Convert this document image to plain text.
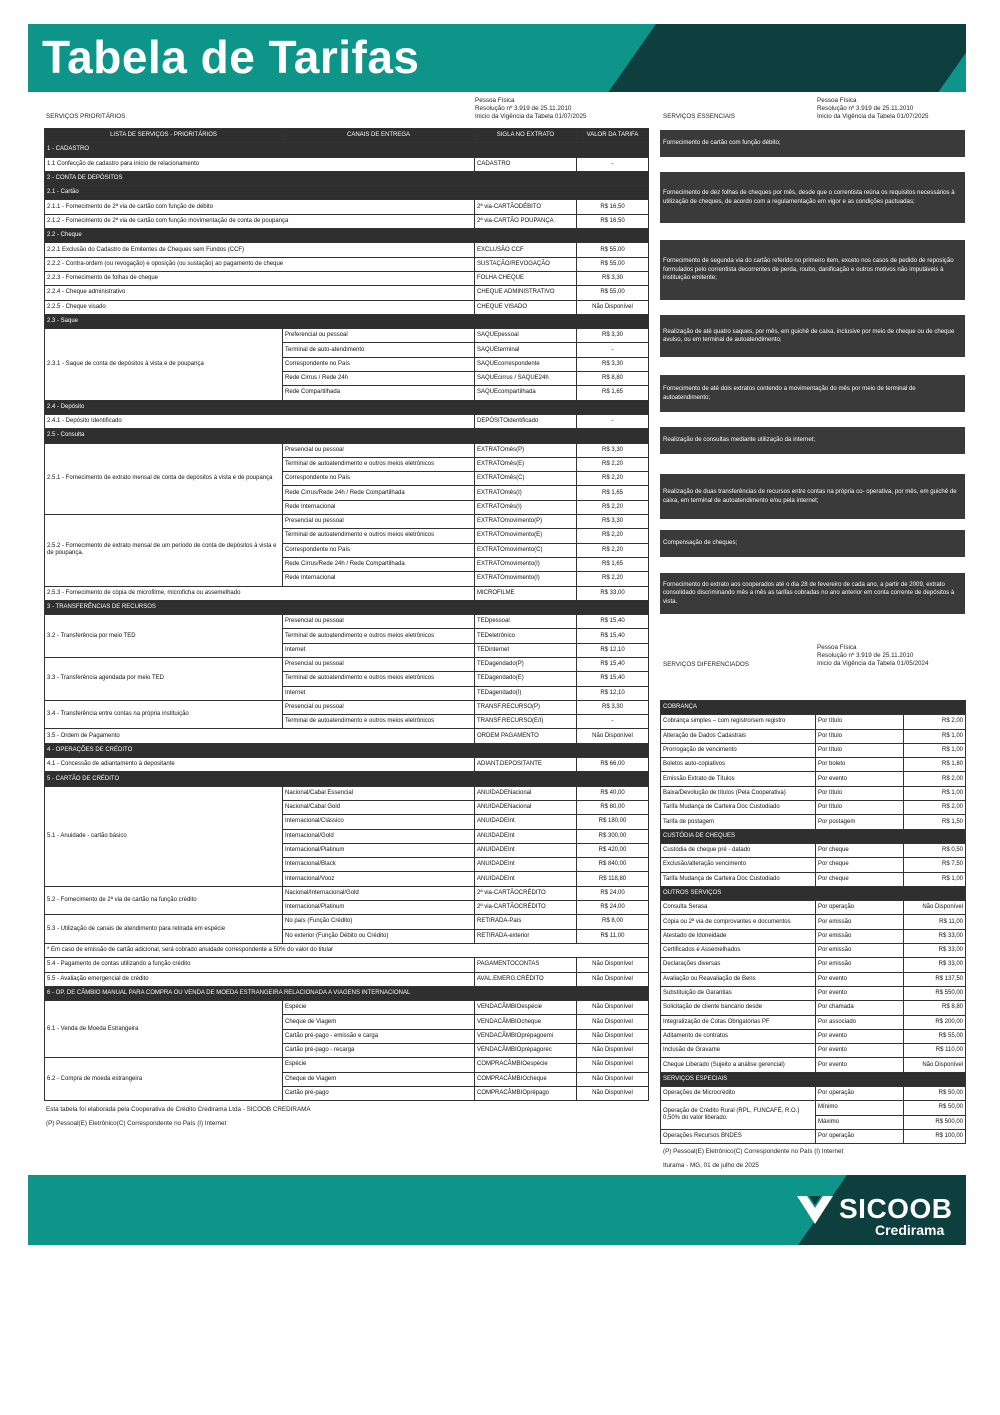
Tabela de Tarifas
Pessoa Física
Resolução nº 3.919 de 25.11.2010
Inicio da Vigência da Tabela 01/07/2025
SERVIÇOS PRIORITÁRIOS
Pessoa Física
Resolução nº 3.919 de 25.11.2010
Inicio da Vigência da Tabela 01/07/2025
SERVIÇOS ESSENCIAIS
LISTA DE SERVIÇOS - PRIORITÁRIOS	CANAIS DE ENTREGA	SIGLA NO EXTRATO	VALOR DA TARIFA
1 - CADASTRO			
1.1 Confecção de cadastro para início de relacionamento		CADASTRO	-
2 - CONTA DE DEPÓSITOS			
2.1 - Cartão			
2.1.1 - Fornecimento de 2ª via de cartão com função de débito		2ª via-CARTÃODÉBITO	R$ 16,50
2.1.2 - Fornecimento de 2ª via de cartão com função movimentação de conta de poupança		2ª via-CARTÃO POUPANÇA	R$ 16,50
2.2 - Cheque			
2.2.1 Exclusão do Cadastro de Emitentes de Cheques sem Fundos (CCF)		EXCLUSÃO CCF	R$ 55,00
2.2.2 - Contra-ordem (ou revogação) e oposição (ou sustação) ao pagamento de cheque		SUSTAÇÃO/REVOGAÇÃO	R$ 55,00
2.2.3 - Fornecimento de folhas de cheque		FOLHA CHEQUE	R$ 3,30
2.2.4 - Cheque administrativo		CHEQUE ADMINISTRATIVO	R$ 55,00
2.2.5 - Cheque visado		CHEQUE VISADO	Não Disponível
2.3 - Saque			
2.3.1 - Saque de conta de depósitos à vista e de poupança	Preferencial ou pessoal	SAQUEpessoal	R$ 3,30
	Terminal de auto-atendimento	SAQUEterminal	-
	Correspondente no País	SAQUEcorrespondente	R$ 3,30
	Rede Cirrus / Rede 24h	SAQUEcirrus / SAQUE24h	R$ 8,80
	Rede Compartilhada	SAQUEcompartilhada	R$ 1,65
2.4 - Depósito			
2.4.1 - Depósito Identificado		DEPÓSITOidentificado	-
2.5 - Consulta			
2.5.1 - Fornecimento de extrato mensal de conta de depósitos à vista e de poupança	Presencial ou pessoal	EXTRATOmês(P)	R$ 3,30
	Terminal de autoatendimento e outros meios eletrônicos	EXTRATOmês(E)	R$ 2,20
	Correspondente no País	EXTRATOmês(C)	R$ 2,20
	Rede Cirrus/Rede 24h / Rede Compartilhada	EXTRATOmês(I)	R$ 1,65
	Rede Internacional	EXTRATOmês(I)	R$ 2,20
2.5.2 - Fornecimento de extrato mensal de um período de conta de depósitos à vista e de poupança.	Presencial ou pessoal	EXTRATOmovimento(P)	R$ 3,30
	Terminal de autoatendimento e outros meios eletrônicos	EXTRATOmovimento(E)	R$ 2,20
	Correspondente no País	EXTRATOmovimento(C)	R$ 2,20
	Rede Cirrus/Rede 24h / Rede Compartilhada	EXTRATOmovimento(I)	R$ 1,65
	Rede Internacional	EXTRATOmovimento(I)	R$ 2,20
2.5.3 - Fornecimento de cópia de microfilme, microficha ou assemelhado		MICROFILME	R$ 33,00
3 - TRANSFERÊNCIAS DE RECURSOS			
3.2 - Transferência por meio TED	Presencial ou pessoal	TEDpessoal	R$ 15,40
	Terminal de autoatendimento e outros meios eletrônicos	TEDeletrônico	R$ 15,40
	Internet	TEDinternet	R$ 12,10
3.3 - Transferência agendada por meio TED	Presencial ou pessoal	TEDagendado(P)	R$ 15,40
	Terminal de autoatendimento e outros meios eletrônicos	TEDagendado(E)	R$ 15,40
	Internet	TEDagendado(I)	R$ 12,10
3.4 - Transferência entre contas na própria instituição	Presencial ou pessoal	TRANSF.RECURSO(P)	R$ 3,30
	Terminal de autoatendimento e outros meios eletrônicos	TRANSF.RECURSO(E/I)	-
3.5 - Ordem de Pagamento		ORDEM PAGAMENTO	Não Disponível
4 - OPERAÇÕES DE CRÉDITO			
4.1 - Concessão de adiantamento à depositante		ADIANT.DEPOSITANTE	R$ 66,00
5 - CARTÃO DE CRÉDITO			
5.1 - Anuidade - cartão básico	Nacional/Cabal Essencial	ANUIDADENacional	R$ 40,00
	Nacional/Cabal Gold	ANUIDADENacional	R$ 80,00
	Internacional/Clássico	ANUIDADEInt	R$ 180,00
	Internacional/Gold	ANUIDADEInt	R$ 300,00
	Internacional/Platinum	ANUIDADEInt	R$ 420,00
	Internacional/Black	ANUIDADEInt	R$ 840,00
	Internacional/Vooz	ANUIDADEInt	R$ 118,80
5.2 - Fornecimento de 2ª via de cartão na função crédito	Nacional/Internacional/Gold	2ª via-CARTÃOCRÉDITO	R$ 24,00
	Internacional/Platinum	2ª via-CARTÃOCRÉDITO	R$ 24,00
5.3 - Utilização de canais de atendimento para retirada em espécie	No país (Função Crédito)	RETIRADA-País	R$ 8,00
	No exterior (Função Débito ou Crédito)	RETIRADA-exterior	R$ 11,00
* Em caso de emissão de cartão adicional, será cobrado anuidade correspondente a 50% do valor do titular			
5.4 - Pagamento de contas utilizando a função crédito		PAGAMENTOCONTAS	Não Disponível
5.5 - Avaliação emergencial de crédito		AVAL.EMERG.CRÉDITO	Não Disponível
6 - OP. DE CÂMBIO MANUAL PARA COMPRA OU VENDA DE MOEDA ESTRANGEIRA RELACIONADA A VIAGENS INTERNACIONAL			
6.1 - Venda de Moeda Estrangeira	Espécie	VENDACÂMBIOespécie	Não Disponível
	Cheque de Viagem	VENDACÂMBIOcheque	Não Disponível
	Cartão pré-pago - emissão e carga	VENDACÂMBIOprépagoemi	Não Disponível
	Cartão pré-pago - recarga	VENDACÂMBIOprépagorec	Não Disponível
6.2 - Compra de moeda estrangeira	Espécie	COMPRACÂMBIOespécie	Não Disponível
	Cheque de Viagem	COMPRACÂMBIOcheque	Não Disponível
	Cartão pré-pago	COMPRACÂMBIOprépago	Não Disponível
Esta tabela foi elaborada pela Cooperativa de Crédito Credirama Ltda - SICOOB CREDIRAMA
(P) Pessoal(E) Eletrônico(C) Correspondente no País (I) Internet
Fornecimento de cartão com função débito;
Fornecimento de dez folhas de cheques por mês, desde que o correntista reúna os requisitos necessários à utilização de cheques, de acordo com a regulamentação em vigor e as condições pactuadas;
Fornecimento de segunda via do cartão referido no primeiro item, exceto nos casos de pedido de reposição formulados pelo correntista decorrentes de perda, roubo, danificação e outros motivos não imputáveis à instituição emitente;
Realização de até quatro saques, por mês, em guichê de caixa, inclusive por meio de cheque ou de cheque avulso, ou em terminal de autoatendimento;
Fornecimento de até dois extratos contendo a movimentação do mês por meio de terminal de autoatendimento;
Realização de consultas mediante utilização da internet;
Realização de duas transferências de recursos entre contas na própria co- operativa, por mês, em guichê de caixa, em terminal de autoatendimento e/ou pela internet;
Compensação de cheques;
Fornecimento do extrato aos cooperados até o dia 28 de fevereiro de cada ano, a partir de 2009, extrato consolidado discriminando mês a mês as tarifas cobradas no ano anterior em conta corrente de depósitos à vista.
Pessoa Física
Resolução nº 3.919 de 25.11.2010
Inicio da Vigência da Tabela 01/05/2024
SERVIÇOS DIFERENCIADOS
COBRANÇA		
Cobrança simples – com registro/sem registro	Por título	R$ 2,00
Alteração de Dados Cadastrais	Por título	R$ 1,00
Prorrogação de vencimento	Por título	R$ 1,00
Boletos auto-copiativos	Por boleto	R$ 1,80
Emissão Extrato de Títulos	Por evento	R$ 2,00
Baixa/Devolução de títulos (Pela Cooperativa)	Por título	R$ 1,00
Tarifa Mudança de Carteira Doc Custodiado	Por título	R$ 2,00
Tarifa de postagem	Por postagem	R$ 1,50
CUSTÓDIA DE CHEQUES		
Custódia de cheque pré - datado	Por cheque	R$ 0,50
Exclusão/alteração vencimento	Por cheque	R$ 7,50
Tarifa Mudança de Carteira Doc Custodiado	Por cheque	R$ 1,00
OUTROS SERVIÇOS		
Consulta Serasa	Por operação	Não Disponível
Cópia ou 2ª via de comprovantes e documentos	Por emissão	R$ 11,00
Atestado de Idoneidade	Por emissão	R$ 33,00
Certificados e Assemelhados	Por emissão	R$ 33,00
Declarações diversas	Por emissão	R$ 33,00
Avaliação ou Reavaliação de Bens	Por evento	R$ 137,50
Substituição de Garantias	Por evento	R$ 550,00
Solicitação de cliente bancário desde	Por chamada	R$ 8,80
Integralização de Cotas Obrigatórias PF	Por associado	R$ 200,00
Aditamento de contratos	Por evento	R$ 55,00
Inclusão de Gravame	Por evento	R$ 110,00
Cheque Liberado (Sujeito a análise gerencial)	Por evento	Não Disponível
SERVIÇOS ESPECIAIS		
Operações de Microcrédito	Por operação	R$ 50,00
Operação de Crédito Rural (RPL, FUNCAFÉ, R.O.) 0,50% do valor liberado.	Mínimo	R$ 50,00
	Máximo	R$ 500,00
Operações Recursos BNDES	Por operação	R$ 100,00
(P) Pessoal(E) Eletrônico(C) Correspondente no País (I) Internet
Iturama - MG, 01 de julho de 2025
SICOOB
Credirama
